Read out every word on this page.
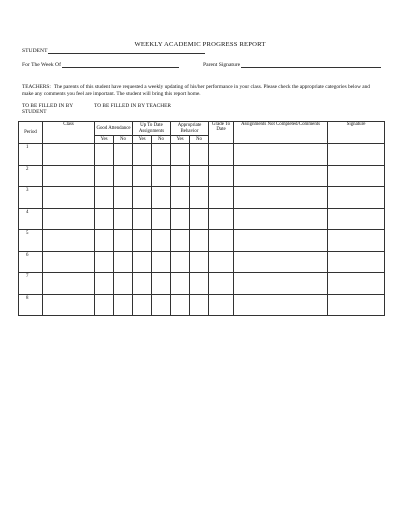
WEEKLY ACADEMIC PROGRESS REPORT
STUDENT
For The Week Of	Parent Signature
TEACHERS: The parents of this student have requested a weekly updating of his/her performance in your class. Please check the appropriate categories below and make any comments you feel are important. The student will bring this report home.
TO BE FILLED IN BY STUDENT
TO BE FILLED IN BY TEACHER
Period	Class	Good Attendance		Up To Date Assignments		Appropriate Behavior		Grade To Date	Assignments Not Completed/Comments	Signature
		Yes	No	Yes	No	Yes	No			
1										
2										
3										
4										
5										
6										
7										
8										
